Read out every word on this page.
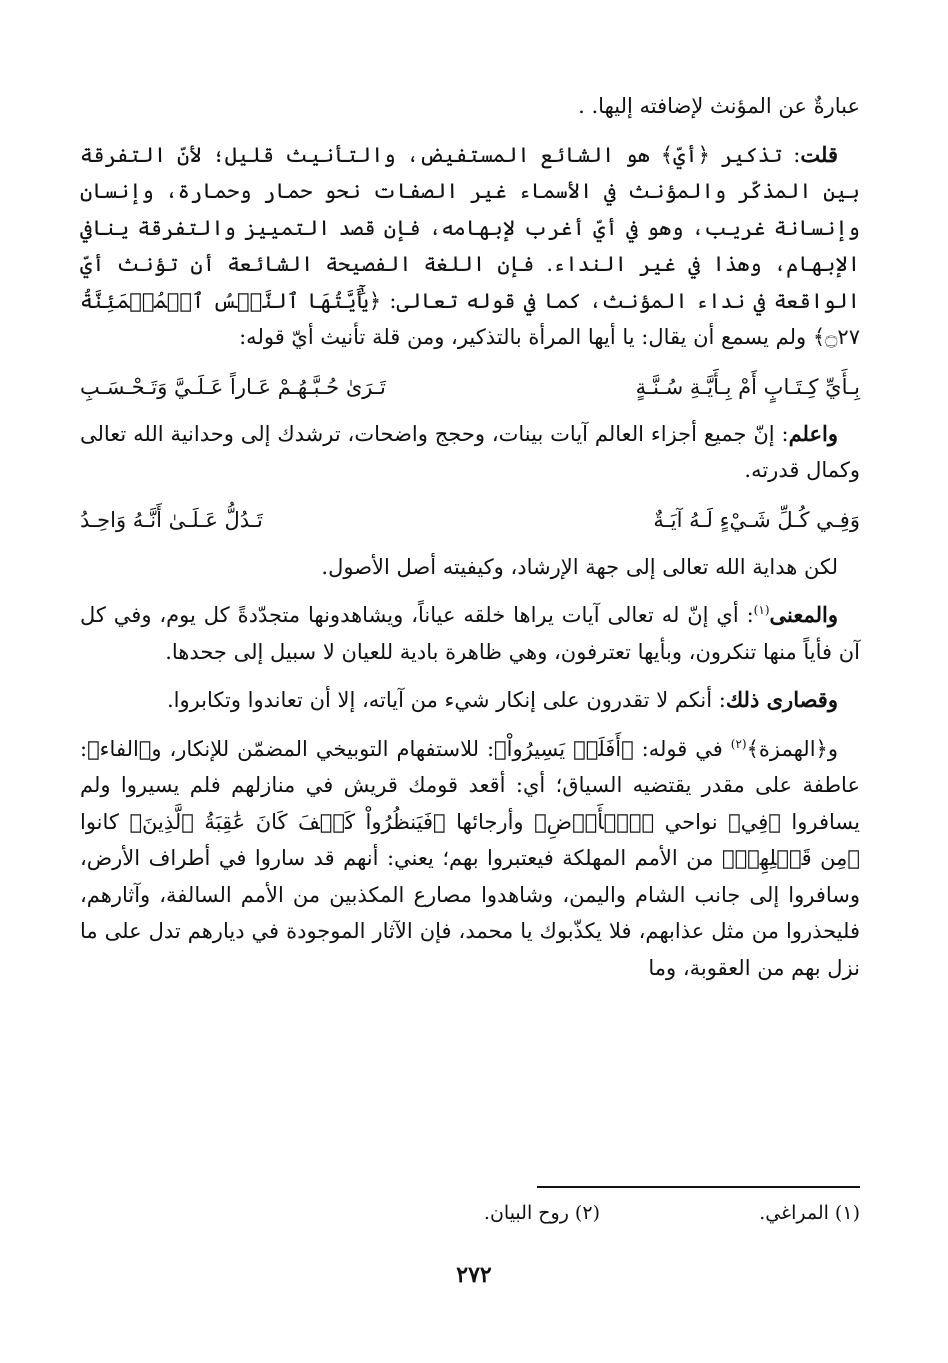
عبارةٌ عن المؤنث لإضافته إليها. .

قلت: تذكير ﴿أيّ﴾ هو الشائع المستفيض، والتأنيث قليل؛ لأنّ التفرقة بين المذكّر والمؤنث في الأسماء غير الصفات نحو حمار وحمارة، وإنسان وإنسانة غريب، وهو في أيّ أغرب لإبهامه، فإن قصد التمييز والتفرقة ينافي الإبهام، وهذا في غير النداء. فإن اللغة الفصيحة الشائعة أن تؤنث أيّ الواقعة في نداء المؤنث، كما في قوله تعالى: ﴿يَٰٓأَيَّتُهَا ٱلنَّفۡسُ ٱلۡمُطۡمَئِنَّةُ ۝٢٧﴾ ولم يسمع أن يقال: يا أيها المرأة بالتذكير، ومن قلة تأنيث أيّ قوله:

بِـأَيِّ كِـتَـابٍ أَمْ بِـأَيَّـةِ سُـنَّـةٍ
تَـرَىٰ حُـبَّـهُـمْ عَـاراً عَـلَـيَّ وَتَـحْـسَـبِ

واعلم: إنّ جميع أجزاء العالم آيات بينات، وحجج واضحات، ترشدك إلى وحدانية الله تعالى وكمال قدرته.

وَفِـي كُـلِّ شَـيْءٍ لَـهُ آيَـةٌ
تَـدُلُّ عَـلَـىٰ أَنَّـهُ وَاحِـدُ

لكن هداية الله تعالى إلى جهة الإرشاد، وكيفيته أصل الأصول.

والمعنى$^{(١)}$: أي إنّ له تعالى آيات يراها خلقه عياناً، ويشاهدونها متجدّدةً كل يوم، وفي كل آن فأياً منها تنكرون، وبأيها تعترفون، وهي ظاهرة بادية للعيان لا سبيل إلى جحدها.

وقصارى ذلك: أنكم لا تقدرون على إنكار شيء من آياته، إلا أن تعاندوا وتكابروا.

و﴿الهمزة﴾$^{(٢)}$ في قوله: ﴿أَفَلَمۡ يَسِيرُواْ﴾: للاستفهام التوبيخي المضمّن للإنكار، و﴿الفاء﴾: عاطفة على مقدر يقتضيه السياق؛ أي: أقعد قومك قريش في منازلهم فلم يسيروا ولم يسافروا ﴿فِي﴾ نواحي ﴿ٱلۡأَرۡضِ﴾ وأرجائها ﴿فَيَنظُرُواْ كَيۡفَ كَانَ عَٰقِبَةُ ٱلَّذِينَ﴾ كانوا ﴿مِن قَبۡلِهِمۡ﴾ من الأمم المهلكة فيعتبروا بهم؛ يعني: أنهم قد ساروا في أطراف الأرض، وسافروا إلى جانب الشام واليمن، وشاهدوا مصارع المكذبين من الأمم السالفة، وآثارهم، فليحذروا من مثل عذابهم، فلا يكذّبوك يا محمد، فإن الآثار الموجودة في ديارهم تدل على ما نزل بهم من العقوبة، وما

(١) المراغي.
(٢) روح البيان.
٢٧٢
